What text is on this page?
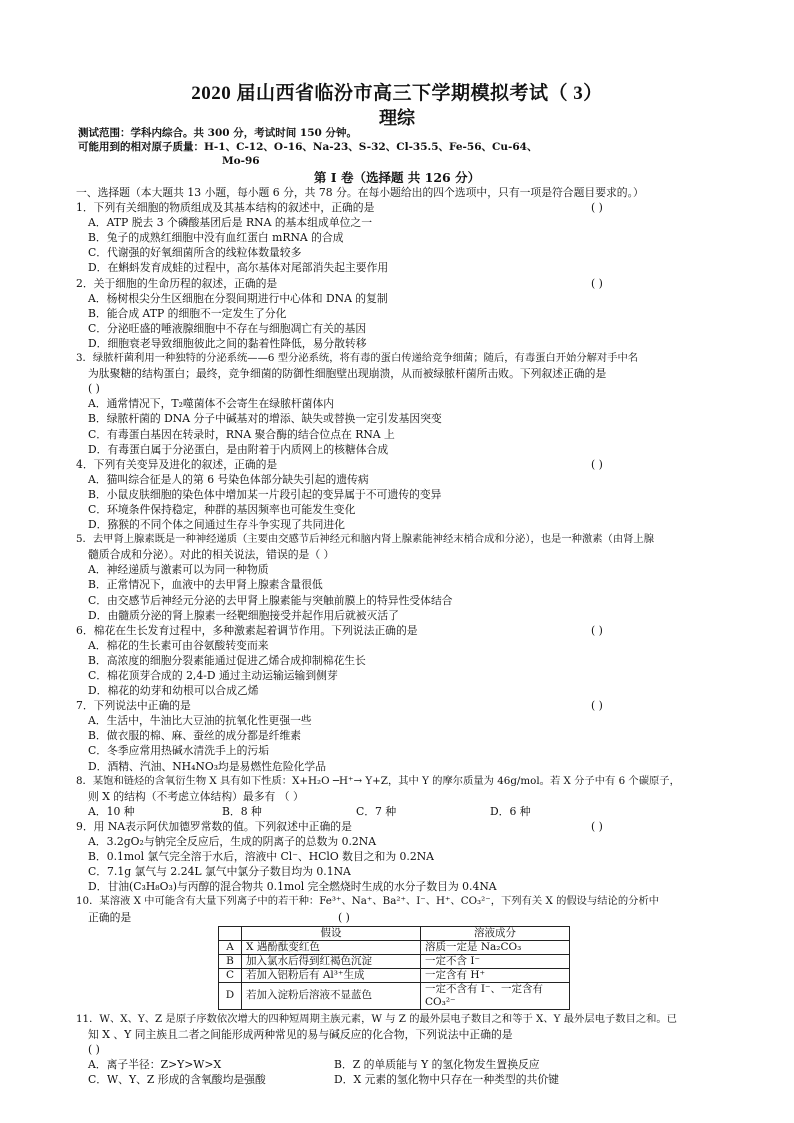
2020 届山西省临汾市高三下学期模拟考试（ 3）
理综
测试范围：学科内综合。共 300 分，考试时间 150 分钟。
可能用到的相对原子质量：H-1、C-12、O-16、Na-23、S-32、Cl-35.5、Fe-56、Cu-64、
Mo-96
第 I 卷（选择题 共 126 分）
一、选择题（本大题共 13 小题，每小题 6 分，共 78 分。在每小题给出的四个选项中，只有一项是符合题目要求的。）
1．下列有关细胞的物质组成及其基本结构的叙述中，正确的是	( )
A．ATP 脱去 3 个磷酸基团后是 RNA 的基本组成单位之一
B．兔子的成熟红细胞中没有血红蛋白 mRNA 的合成
C．代谢强的好氧细菌所含的线粒体数量较多
D．在蝌蚪发育成蛙的过程中，高尔基体对尾部消失起主要作用
2．关于细胞的生命历程的叙述，正确的是	( )
A．杨树根尖分生区细胞在分裂间期进行中心体和 DNA 的复制
B．能合成 ATP 的细胞不一定发生了分化
C．分泌旺盛的唾液腺细胞中不存在与细胞凋亡有关的基因
D．细胞衰老导致细胞彼此之间的黏着性降低，易分散转移
3．绿脓杆菌利用一种独特的分泌系统——6 型分泌系统，将有毒的蛋白传递给竞争细菌；随后，有毒蛋白开始分解对手中名
为肽聚糖的结构蛋白；最终，竞争细菌的防御性细胞壁出现崩溃，从而被绿脓杆菌所击败。下列叙述正确的是
( )
A．通常情况下，T₂噬菌体不会寄生在绿脓杆菌体内
B．绿脓杆菌的 DNA 分子中碱基对的增添、缺失或替换一定引发基因突变
C．有毒蛋白基因在转录时，RNA 聚合酶的结合位点在 RNA 上
D．有毒蛋白属于分泌蛋白，是由附着于内质网上的核糖体合成
4．下列有关变异及进化的叙述，正确的是	( )
A．猫叫综合征是人的第 6 号染色体部分缺失引起的遗传病
B．小鼠皮肤细胞的染色体中增加某一片段引起的变异属于不可遗传的变异
C．环境条件保持稳定，种群的基因频率也可能发生变化
D．猕猴的不同个体之间通过生存斗争实现了共同进化
5．去甲肾上腺素既是一种神经递质（主要由交感节后神经元和脑内肾上腺素能神经末梢合成和分泌），也是一种激素（由肾上腺
髓质合成和分泌）。对此的相关说法，错误的是（ ）
A．神经递质与激素可以为同一种物质
B．正常情况下，血液中的去甲肾上腺素含量很低
C．由交感节后神经元分泌的去甲肾上腺素能与突触前膜上的特异性受体结合
D．由髓质分泌的肾上腺素一经靶细胞接受并起作用后就被灭活了
6．棉花在生长发育过程中，多种激素起着调节作用。下列说法正确的是	( )
A．棉花的生长素可由谷氨酸转变而来
B．高浓度的细胞分裂素能通过促进乙烯合成抑制棉花生长
C．棉花顶芽合成的 2,4-D 通过主动运输运输到侧芽
D．棉花的幼芽和幼根可以合成乙烯
7．下列说法中正确的是	( )
A．生活中，牛油比大豆油的抗氧化性更强一些
B．做衣服的棉、麻、蚕丝的成分都是纤维素
C．冬季应常用热碱水清洗手上的污垢
D．酒精、汽油、NH₄NO₃均是易燃性危险化学品
8．某饱和链烃的含氧衍生物 X 具有如下性质：X+H₂O ─H⁺→ Y+Z，其中 Y 的摩尔质量为 46g/mol。若 X 分子中有 6 个碳原子，
则 X 的结构（不考虑立体结构）最多有 （ ）
A．10 种	B．8 种	C．7 种	D．6 种
9．用 NA表示阿伏加德罗常数的值。下列叙述中正确的是	( )
A．3.2gO₂与钠完全反应后，生成的阴离子的总数为 0.2NA
B．0.1mol 氯气完全溶于水后，溶液中 Cl⁻、HClO 数目之和为 0.2NA
C．7.1g 氯气与 2.24L 氯气中氯分子数目均为 0.1NA
D．甘油(C₃H₈O₃)与丙醇的混合物共 0.1mol 完全燃烧时生成的水分子数目为 0.4NA
10．某溶液 X 中可能含有大量下列离子中的若干种：Fe³⁺、Na⁺、Ba²⁺、I⁻、H⁺、CO₃²⁻，下列有关 X 的假设与结论的分析中
正确的是	( )
	假设	溶液成分
A	X 遇酚酞变红色	溶质一定是 Na₂CO₃
B	加入氯水后得到红褐色沉淀	一定不含 I⁻
C	若加入铝粉后有 Al³⁺生成	一定含有 H⁺
D	若加入淀粉后溶液不显蓝色	一定不含有 I⁻、一定含有 CO₃²⁻
11．W、X、Y、Z 是原子序数依次增大的四种短周期主族元素，W 与 Z 的最外层电子数目之和等于 X、Y 最外层电子数目之和。已
知 X 、Y 同主族且二者之间能形成两种常见的易与碱反应的化合物，下列说法中正确的是
( )
A．离子半径：Z>Y>W>X	B．Z 的单质能与 Y 的氢化物发生置换反应
C．W、Y、Z 形成的含氧酸均是强酸	D．X 元素的氢化物中只存在一种类型的共价键
